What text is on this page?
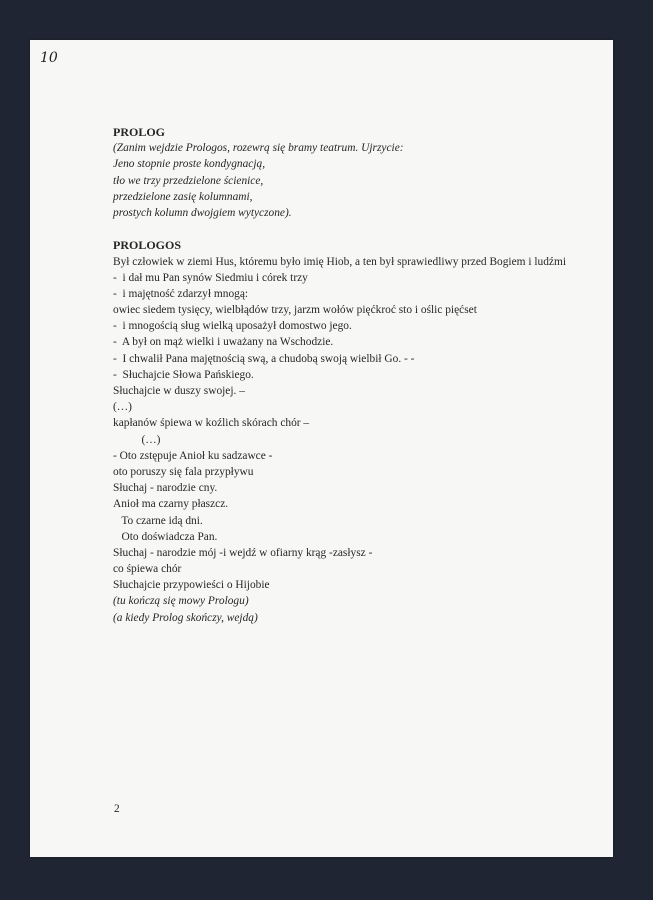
10
PROLOG
(Zanim wejdzie Prologos, rozewrą się bramy teatrum. Ujrzycie:
Jeno stopnie proste kondygnacją,
tło we trzy przedzielone ścienice,
przedzielone zasię kolumnami,
prostych kolumn dwojgiem wytyczone).
PROLOGOS
Był człowiek w ziemi Hus, któremu było imię Hiob, a ten był sprawiedliwy przed Bogiem i ludźmi
-  i dał mu Pan synów Siedmiu i córek trzy
-  i majętność zdarzył mnogą:
owiec siedem tysięcy, wielbłądów trzy, jarzm wołów pięćkroć sto i oślic pięćset
-  i mnogością sług wielką uposażył domostwo jego.
-  A był on mąż wielki i uważany na Wschodzie.
-  I chwalił Pana majętnością swą, a chudobą swoją wielbił Go. - -
-  Słuchajcie Słowa Pańskiego.
Słuchajcie w duszy swojej. –
(…)
kapłanów śpiewa w koźlich skórach chór –
(…)
- Oto zstępuje Anioł ku sadzawce -
oto poruszy się fala przypływu
Słuchaj - narodzie cny.
Anioł ma czarny płaszcz.
To czarne idą dni.
Oto doświadcza Pan.
Słuchaj - narodzie mój -i wejdź w ofiarny krąg -zasłysz -
co śpiewa chór
Słuchajcie przypowieści o Hijobie
(tu kończą się mowy Prologu)
(a kiedy Prolog skończy, wejdą)
2
